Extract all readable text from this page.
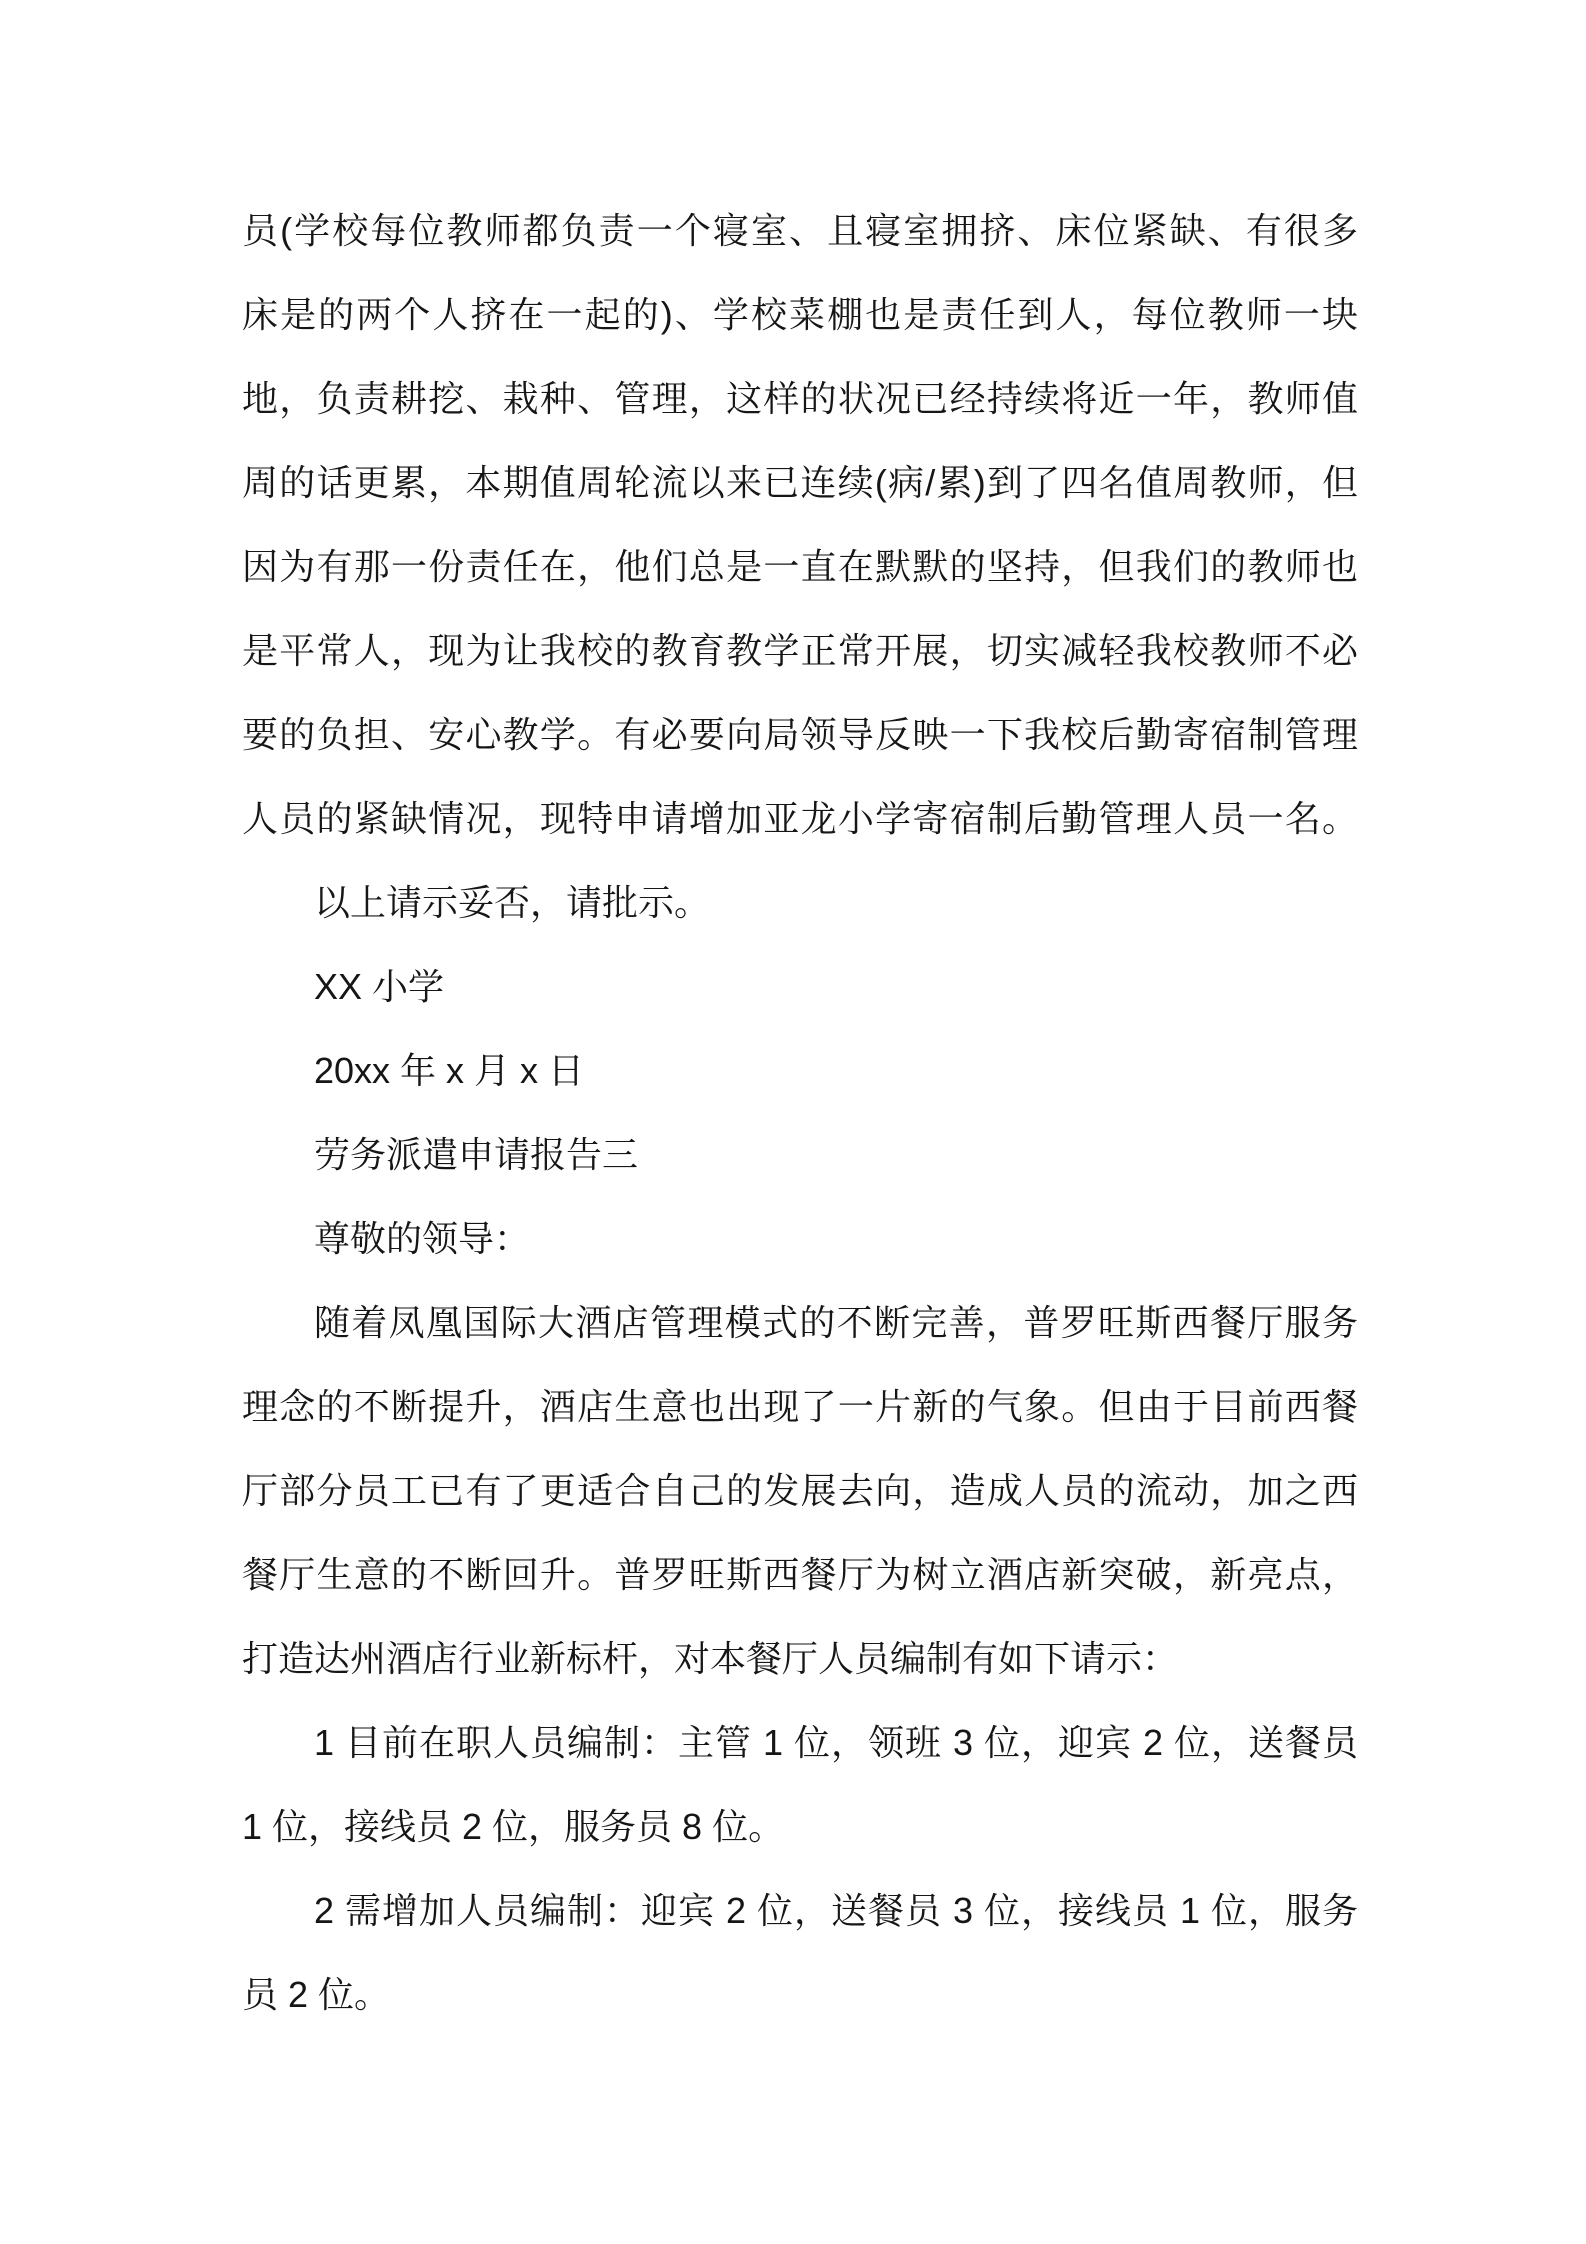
员(学校每位教师都负责一个寝室、且寝室拥挤、床位紧缺、有很多
床是的两个人挤在一起的)、学校菜棚也是责任到人，每位教师一块
地，负责耕挖、栽种、管理，这样的状况已经持续将近一年，教师值
周的话更累，本期值周轮流以来已连续(病/累)到了四名值周教师，但
因为有那一份责任在，他们总是一直在默默的坚持，但我们的教师也
是平常人，现为让我校的教育教学正常开展，切实减轻我校教师不必
要的负担、安心教学。有必要向局领导反映一下我校后勤寄宿制管理
人员的紧缺情况，现特申请增加亚龙小学寄宿制后勤管理人员一名。
以上请示妥否，请批示。
XX 小学
20xx 年 x 月 x 日
劳务派遣申请报告三
尊敬的领导：
随着凤凰国际大酒店管理模式的不断完善，普罗旺斯西餐厅服务
理念的不断提升，酒店生意也出现了一片新的气象。但由于目前西餐
厅部分员工已有了更适合自己的发展去向，造成人员的流动，加之西
餐厅生意的不断回升。普罗旺斯西餐厅为树立酒店新突破，新亮点，
打造达州酒店行业新标杆，对本餐厅人员编制有如下请示：
1 目前在职人员编制：主管 1 位，领班 3 位，迎宾 2 位，送餐员
1 位，接线员 2 位，服务员 8 位。
2 需增加人员编制：迎宾 2 位，送餐员 3 位，接线员 1 位，服务
员 2 位。
